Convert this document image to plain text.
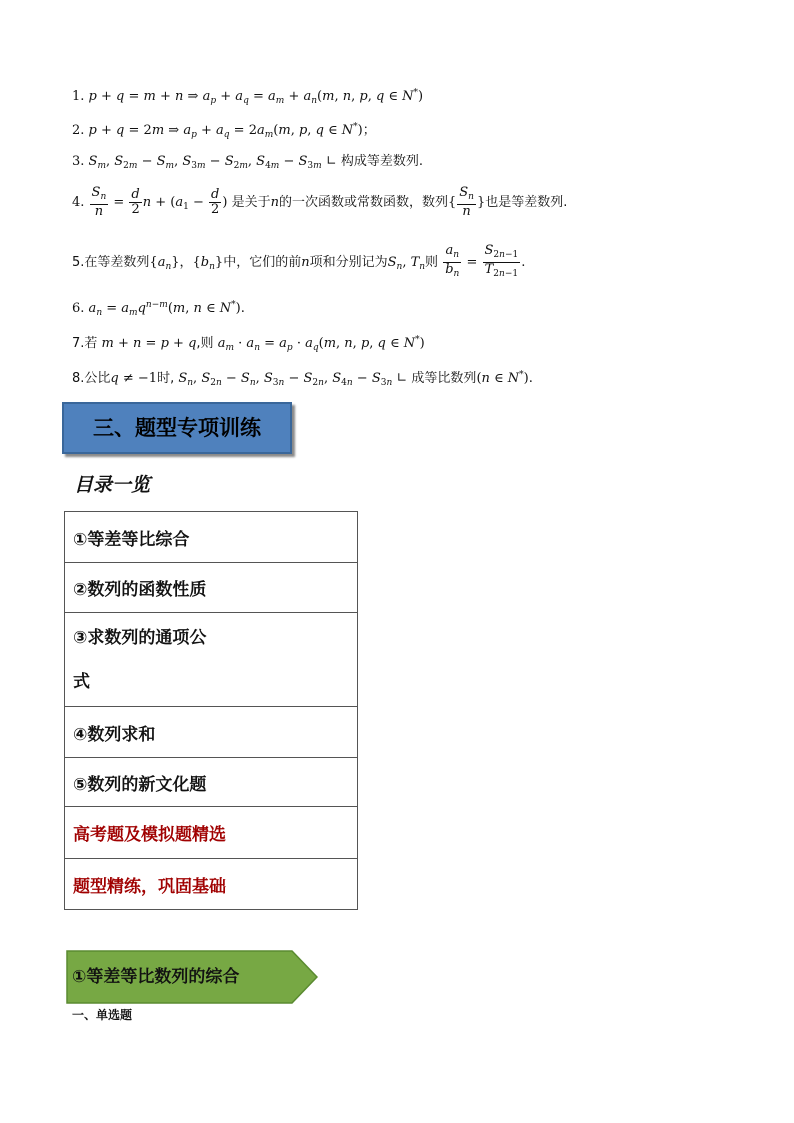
1. p + q = m + n ⇒ $a_p + a_q = a_m + a_n(m$, n, p, q ∈ N*)
2. p + q = 2m ⇒ $a_p + a_q = 2a_m(m$, p, q ∈ N*)；
3. $S_m$, $S_{2m} - S_m$, $S_{3m} - S_{2m}$, $S_{4m} - S_{3m}$ ∟ 构成等差数列.
4. $\frac{S_n}{n} = \frac{d}{2}$ $n + (a_1 - \frac{d}{2}$ ) 是关于n的一次函数或常数函数，数列{ $\frac{S_n}{n}$ }也是等差数列.
5.在等差数列$\{a_n\}$，$\{b_n\}$中，它们的前n项和分别记为$S_n$, $T_n$则 $\frac{a_n}{b_n} = \frac{S_{2n-1}}{T_{2n-1}}$ .
6. $a_n = a_mq^{n-m}(m$, n ∈ N*).
7.若 m + n = p + q,则 $a_m \cdot a_n = a_p \cdot a_q(m$, n, p, q ∈ N*)
8.公比q ≠ −1时, $S_n$, $S_{2n} - S_n$, $S_{3n} - S_{2n}$, $S_{4n} - S_{3n}$ ∟ 成等比数列(n ∈ N*).
三、题型专项训练
目录一览
①等差等比综合
②数列的函数性质

③求数列的通项公
式

④数列求和
⑤数列的新文化题
高考题及模拟题精选
题型精练，巩固基础
①等差等比数列的综合
一、单选题
